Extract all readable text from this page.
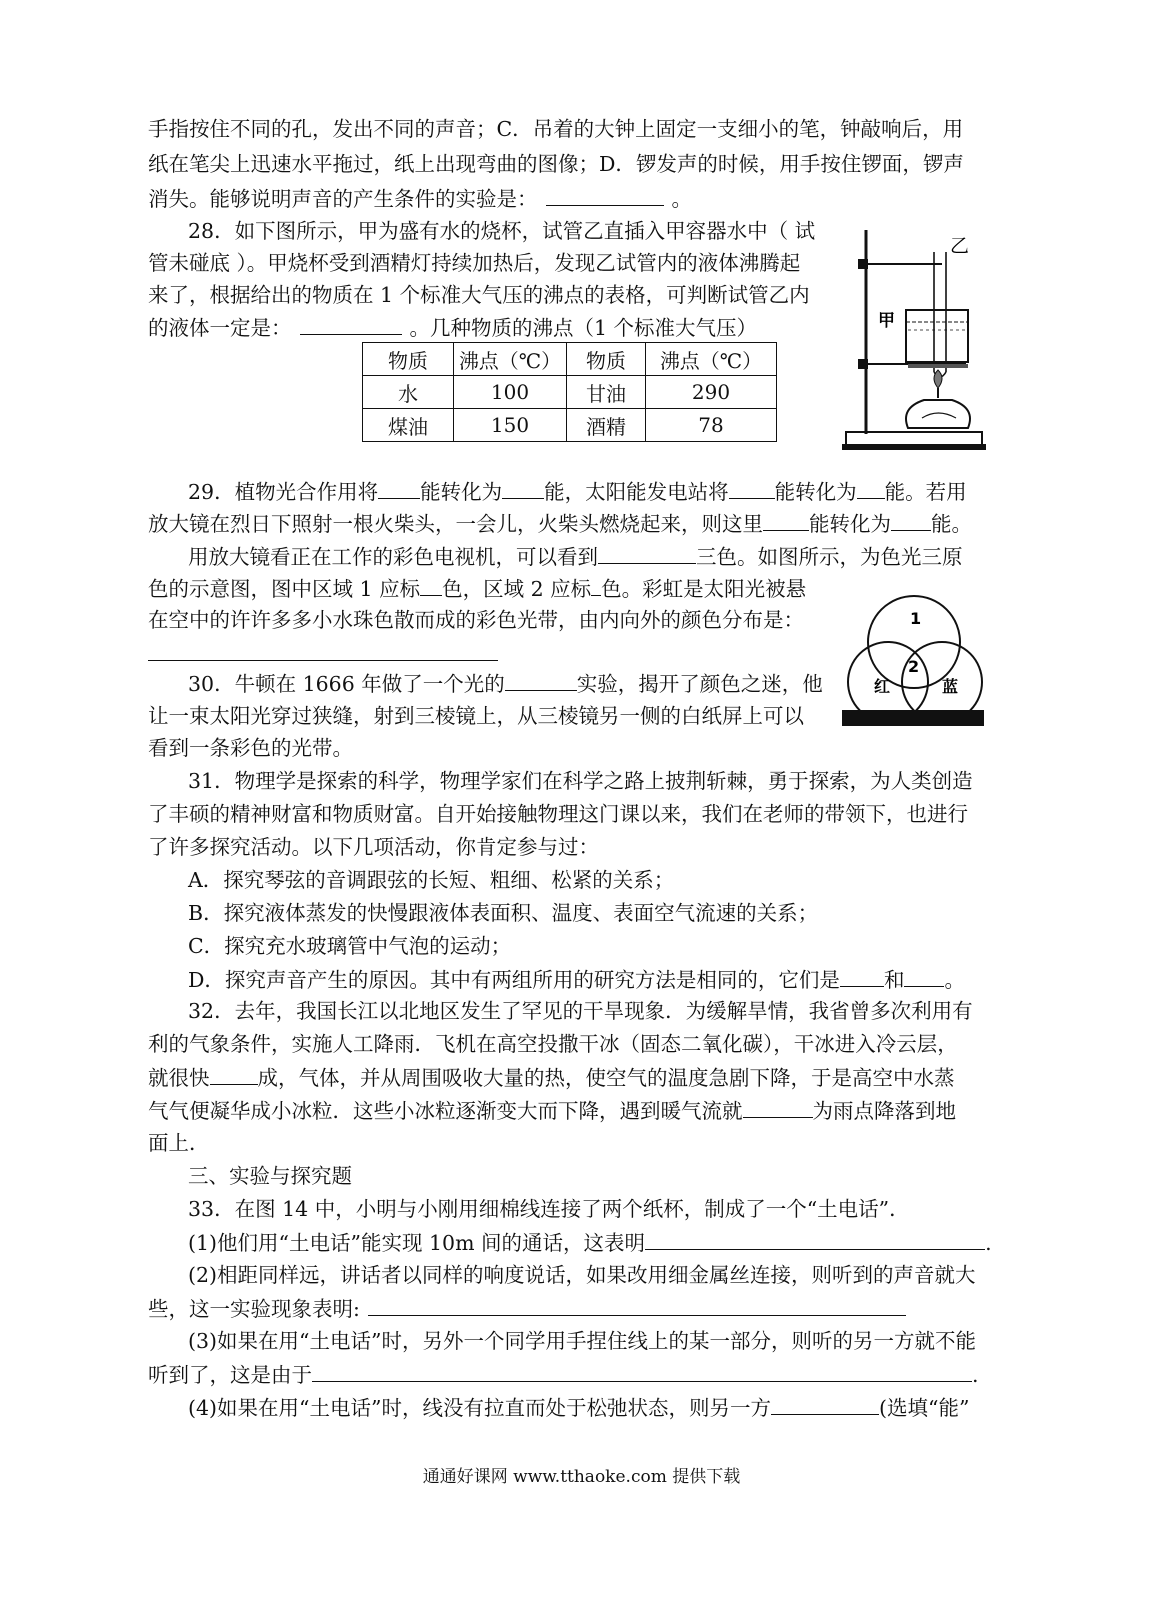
手指按住不同的孔，发出不同的声音；C．吊着的大钟上固定一支细小的笔，钟敲响后，用
纸在笔尖上迅速水平拖过，纸上出现弯曲的图像；D．锣发声的时候，用手按住锣面，锣声
消失。能够说明声音的产生条件的实验是：	。
28．如下图所示，甲为盛有水的烧杯，试管乙直插入甲容器水中（ 试
管未碰底 ）。甲烧杯受到酒精灯持续加热后，发现乙试管内的液体沸腾起
来了，根据给出的物质在 1 个标准大气压的沸点的表格，可判断试管乙内
的液体一定是：	。几种物质的沸点（1 个标准大气压）
物质	沸点（℃）	物质	沸点（℃）
水	100	甘油	290
煤油	150	酒精	78
乙
甲
29．植物光合作用将 能转化为 能，太阳能发电站将 能转化为 能。若用
放大镜在烈日下照射一根火柴头，一会儿，火柴头燃烧起来，则这里 能转化为 能。
用放大镜看正在工作的彩色电视机，可以看到	三色。如图所示，为色光三原
色的示意图，图中区域 1 应标 色，区域 2 应标 色。彩虹是太阳光被悬
在空中的许许多多小水珠色散而成的彩色光带，由内向外的颜色分布是：	1
2
红	蓝
30．牛顿在 1666 年做了一个光的	实验，揭开了颜色之迷，他
让一束太阳光穿过狭缝，射到三棱镜上，从三棱镜另一侧的白纸屏上可以
看到一条彩色的光带。
31．物理学是探索的科学，物理学家们在科学之路上披荆斩棘，勇于探索，为人类创造
了丰硕的精神财富和物质财富。自开始接触物理这门课以来，我们在老师的带领下，也进行
了许多探究活动。以下几项活动，你肯定参与过：
A．探究琴弦的音调跟弦的长短、粗细、松紧的关系；
B．探究液体蒸发的快慢跟液体表面积、温度、表面空气流速的关系；
C．探究充水玻璃管中气泡的运动；
D．探究声音产生的原因。其中有两组所用的研究方法是相同的，它们是 和 。
32．去年，我国长江以北地区发生了罕见的干旱现象．为缓解旱情，我省曾多次利用有
利的气象条件，实施人工降雨．飞机在高空投撒干冰（固态二氧化碳），干冰进入冷云层，
就很快 成，气体，并从周围吸收大量的热，使空气的温度急剧下降，于是高空中水蒸
气气便凝华成小冰粒．这些小冰粒逐渐变大而下降，遇到暖气流就	为雨点降落到地
面上．
三、实验与探究题
33．在图 14 中，小明与小刚用细棉线连接了两个纸杯，制成了一个“土电话”．
(1)他们用“土电话”能实现 10m 间的通话，这表明	.
(2)相距同样远，讲话者以同样的响度说话，如果改用细金属丝连接，则听到的声音就大
些，这一实验现象表明:
(3)如果在用“土电话”时，另外一个同学用手捏住线上的某一部分，则听的另一方就不能
听到了，这是由于	.
(4)如果在用“土电话”时，线没有拉直而处于松弛状态，则另一方	(选填“能”
通通好课网 www.tthaoke.com 提供下载
